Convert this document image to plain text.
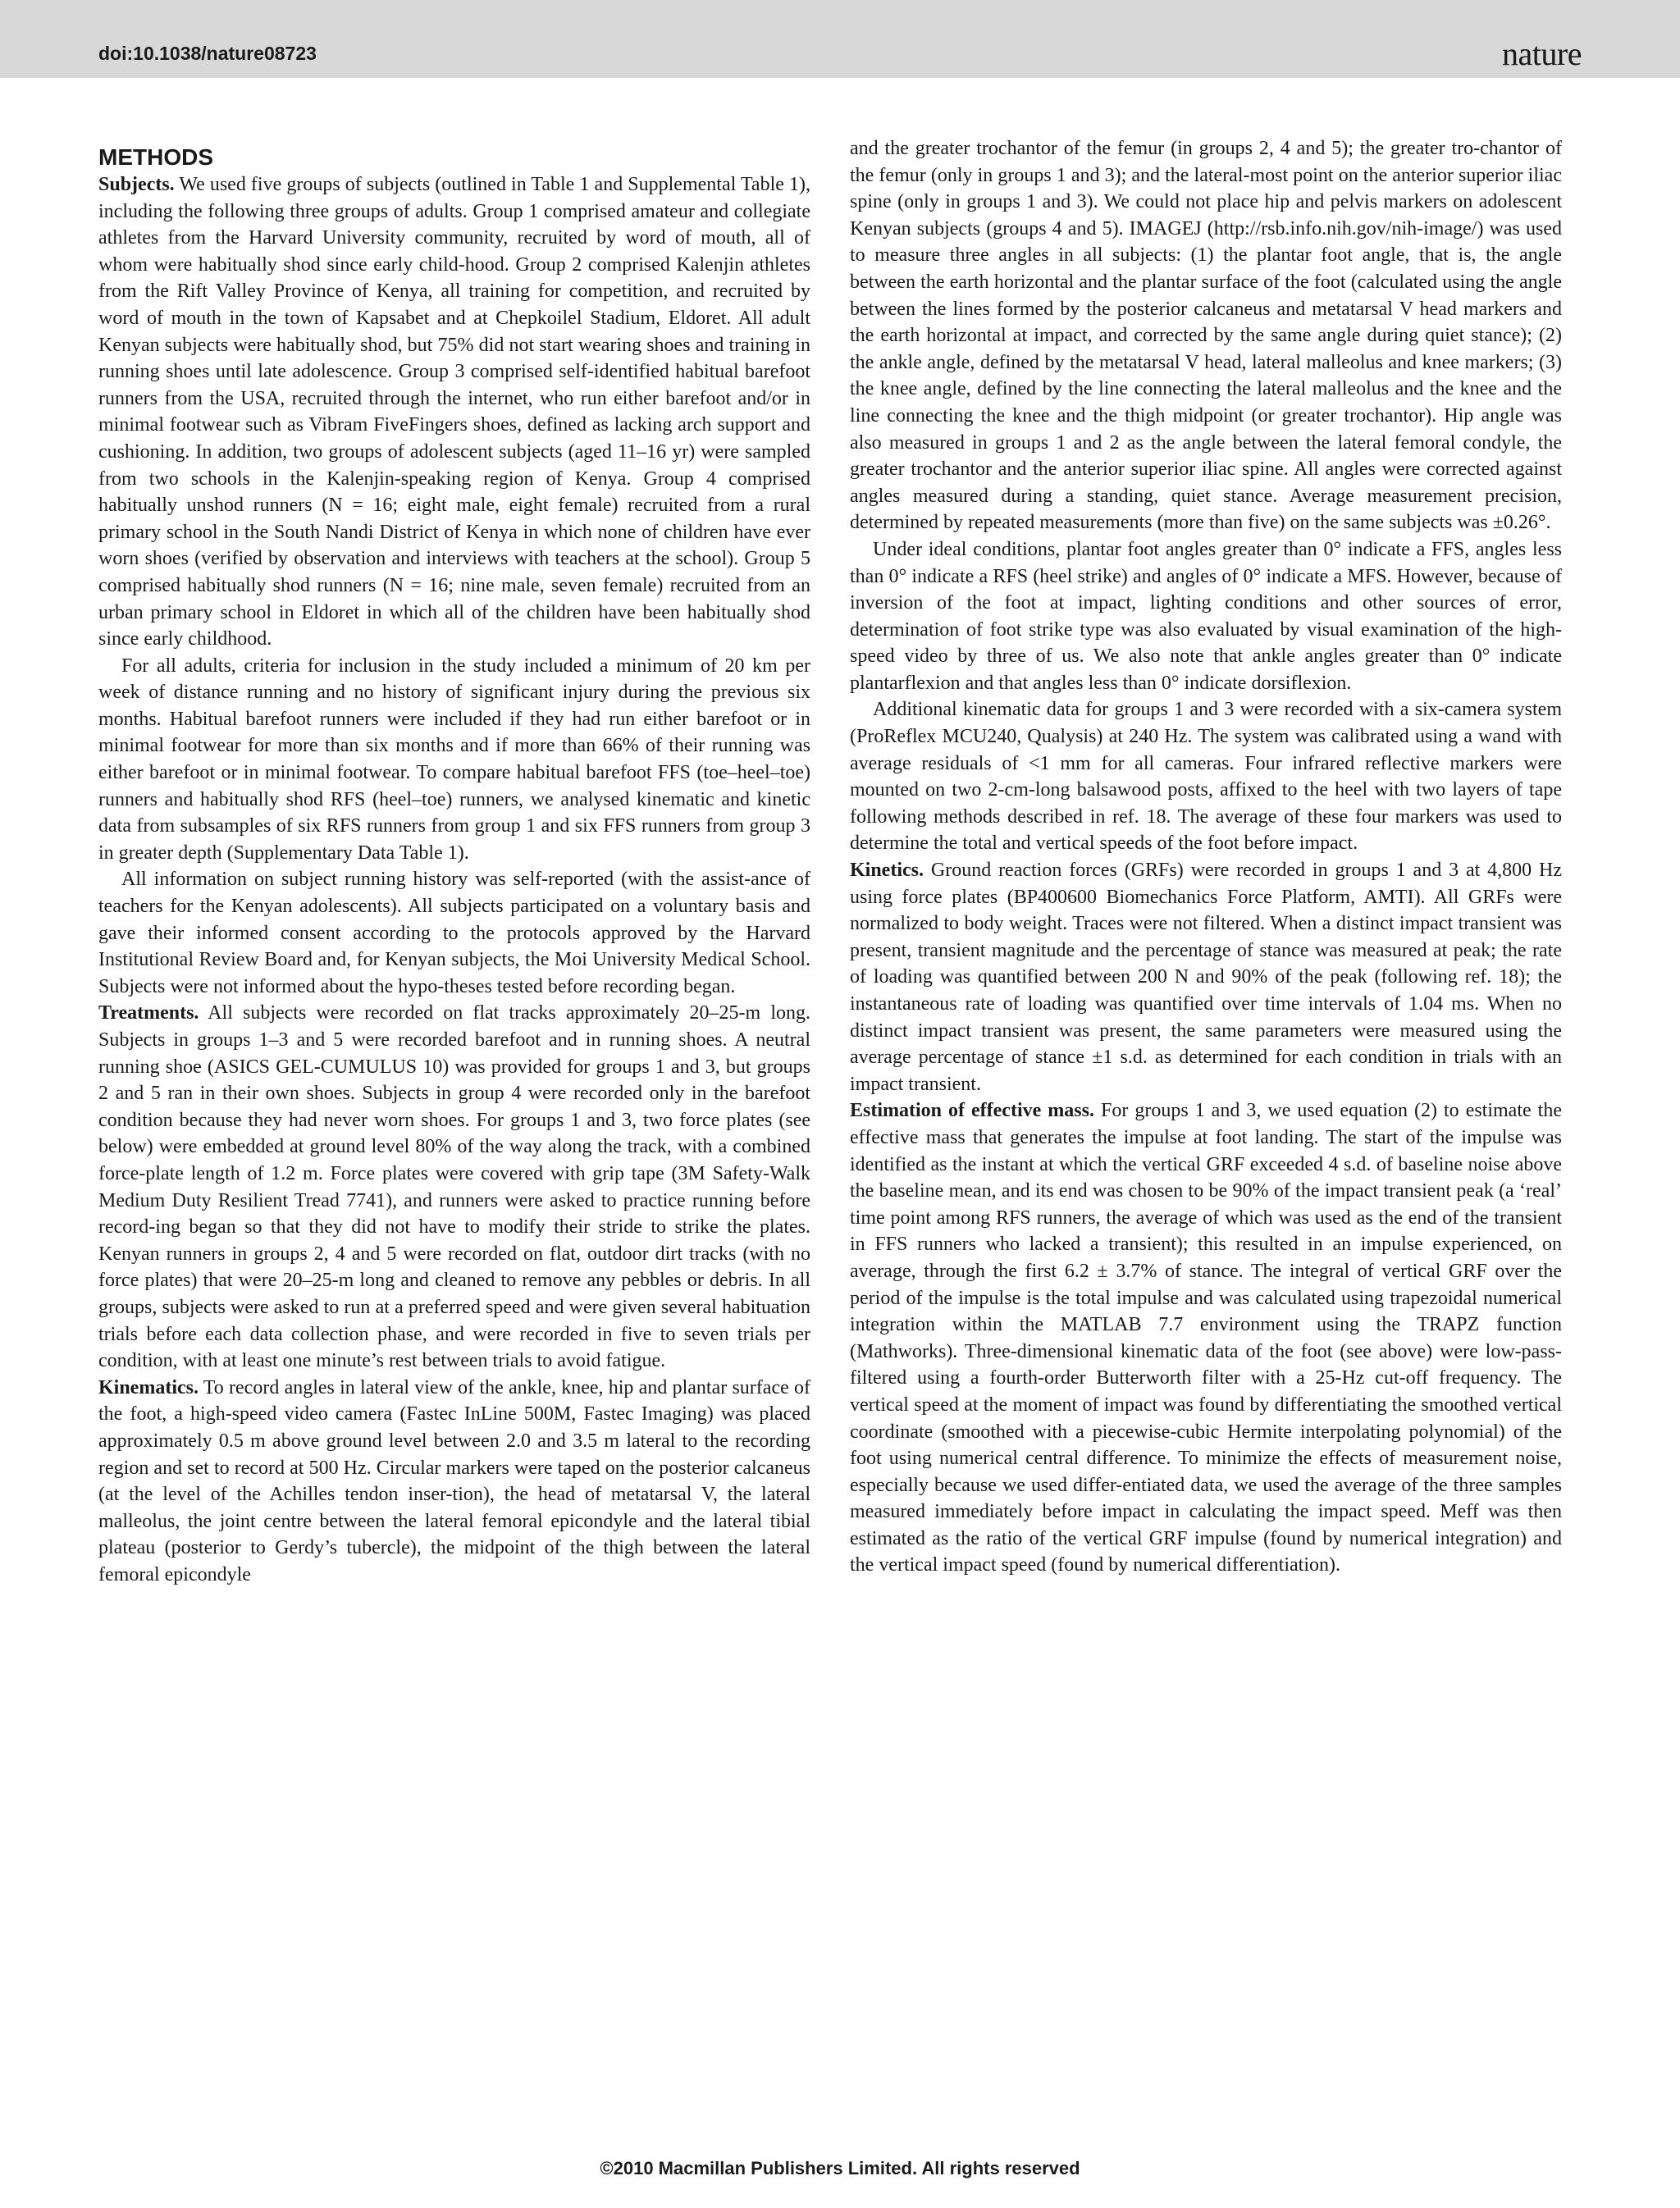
doi:10.1038/nature08723	nature
METHODS

Subjects. We used five groups of subjects (outlined in Table 1 and Supplemental Table 1), including the following three groups of adults. Group 1 comprised amateur and collegiate athletes from the Harvard University community, recruited by word of mouth, all of whom were habitually shod since early child-hood. Group 2 comprised Kalenjin athletes from the Rift Valley Province of Kenya, all training for competition, and recruited by word of mouth in the town of Kapsabet and at Chepkoilel Stadium, Eldoret. All adult Kenyan subjects were habitually shod, but 75% did not start wearing shoes and training in running shoes until late adolescence. Group 3 comprised self-identified habitual barefoot runners from the USA, recruited through the internet, who run either barefoot and/or in minimal footwear such as Vibram FiveFingers shoes, defined as lacking arch support and cushioning. In addition, two groups of adolescent subjects (aged 11–16 yr) were sampled from two schools in the Kalenjin-speaking region of Kenya. Group 4 comprised habitually unshod runners (N = 16; eight male, eight female) recruited from a rural primary school in the South Nandi District of Kenya in which none of children have ever worn shoes (verified by observation and interviews with teachers at the school). Group 5 comprised habitually shod runners (N = 16; nine male, seven female) recruited from an urban primary school in Eldoret in which all of the children have been habitually shod since early childhood.

For all adults, criteria for inclusion in the study included a minimum of 20 km per week of distance running and no history of significant injury during the previous six months. Habitual barefoot runners were included if they had run either barefoot or in minimal footwear for more than six months and if more than 66% of their running was either barefoot or in minimal footwear. To compare habitual barefoot FFS (toe–heel–toe) runners and habitually shod RFS (heel–toe) runners, we analysed kinematic and kinetic data from subsamples of six RFS runners from group 1 and six FFS runners from group 3 in greater depth (Supplementary Data Table 1).

All information on subject running history was self-reported (with the assist-ance of teachers for the Kenyan adolescents). All subjects participated on a voluntary basis and gave their informed consent according to the protocols approved by the Harvard Institutional Review Board and, for Kenyan subjects, the Moi University Medical School. Subjects were not informed about the hypo-theses tested before recording began.

Treatments. All subjects were recorded on flat tracks approximately 20–25-m long. Subjects in groups 1–3 and 5 were recorded barefoot and in running shoes. A neutral running shoe (ASICS GEL-CUMULUS 10) was provided for groups 1 and 3, but groups 2 and 5 ran in their own shoes. Subjects in group 4 were recorded only in the barefoot condition because they had never worn shoes. For groups 1 and 3, two force plates (see below) were embedded at ground level 80% of the way along the track, with a combined force-plate length of 1.2 m. Force plates were covered with grip tape (3M Safety-Walk Medium Duty Resilient Tread 7741), and runners were asked to practice running before record-ing began so that they did not have to modify their stride to strike the plates. Kenyan runners in groups 2, 4 and 5 were recorded on flat, outdoor dirt tracks (with no force plates) that were 20–25-m long and cleaned to remove any pebbles or debris. In all groups, subjects were asked to run at a preferred speed and were given several habituation trials before each data collection phase, and were recorded in five to seven trials per condition, with at least one minute’s rest between trials to avoid fatigue.

Kinematics. To record angles in lateral view of the ankle, knee, hip and plantar surface of the foot, a high-speed video camera (Fastec InLine 500M, Fastec Imaging) was placed approximately 0.5 m above ground level between 2.0 and 3.5 m lateral to the recording region and set to record at 500 Hz. Circular markers were taped on the posterior calcaneus (at the level of the Achilles tendon inser-tion), the head of metatarsal V, the lateral malleolus, the joint centre between the lateral femoral epicondyle and the lateral tibial plateau (posterior to Gerdy’s tubercle), the midpoint of the thigh between the lateral femoral epicondyle

and the greater trochantor of the femur (in groups 2, 4 and 5); the greater tro-chantor of the femur (only in groups 1 and 3); and the lateral-most point on the anterior superior iliac spine (only in groups 1 and 3). We could not place hip and pelvis markers on adolescent Kenyan subjects (groups 4 and 5). IMAGEJ (http://rsb.info.nih.gov/nih-image/) was used to measure three angles in all subjects: (1) the plantar foot angle, that is, the angle between the earth horizontal and the plantar surface of the foot (calculated using the angle between the lines formed by the posterior calcaneus and metatarsal V head markers and the earth horizontal at impact, and corrected by the same angle during quiet stance); (2) the ankle angle, defined by the metatarsal V head, lateral malleolus and knee markers; (3) the knee angle, defined by the line connecting the lateral malleolus and the knee and the line connecting the knee and the thigh midpoint (or greater trochantor). Hip angle was also measured in groups 1 and 2 as the angle between the lateral femoral condyle, the greater trochantor and the anterior superior iliac spine. All angles were corrected against angles measured during a standing, quiet stance. Average measurement precision, determined by repeated measurements (more than five) on the same subjects was ±0.26°.

Under ideal conditions, plantar foot angles greater than 0° indicate a FFS, angles less than 0° indicate a RFS (heel strike) and angles of 0° indicate a MFS. However, because of inversion of the foot at impact, lighting conditions and other sources of error, determination of foot strike type was also evaluated by visual examination of the high-speed video by three of us. We also note that ankle angles greater than 0° indicate plantarflexion and that angles less than 0° indicate dorsiflexion.

Additional kinematic data for groups 1 and 3 were recorded with a six-camera system (ProReflex MCU240, Qualysis) at 240 Hz. The system was calibrated using a wand with average residuals of <1 mm for all cameras. Four infrared reflective markers were mounted on two 2-cm-long balsawood posts, affixed to the heel with two layers of tape following methods described in ref. 18. The average of these four markers was used to determine the total and vertical speeds of the foot before impact.

Kinetics. Ground reaction forces (GRFs) were recorded in groups 1 and 3 at 4,800 Hz using force plates (BP400600 Biomechanics Force Platform, AMTI). All GRFs were normalized to body weight. Traces were not filtered. When a distinct impact transient was present, transient magnitude and the percentage of stance was measured at peak; the rate of loading was quantified between 200 N and 90% of the peak (following ref. 18); the instantaneous rate of loading was quantified over time intervals of 1.04 ms. When no distinct impact transient was present, the same parameters were measured using the average percentage of stance ±1 s.d. as determined for each condition in trials with an impact transient.

Estimation of effective mass. For groups 1 and 3, we used equation (2) to estimate the effective mass that generates the impulse at foot landing. The start of the impulse was identified as the instant at which the vertical GRF exceeded 4 s.d. of baseline noise above the baseline mean, and its end was chosen to be 90% of the impact transient peak (a ‘real’ time point among RFS runners, the average of which was used as the end of the transient in FFS runners who lacked a transient); this resulted in an impulse experienced, on average, through the first 6.2 ± 3.7% of stance. The integral of vertical GRF over the period of the impulse is the total impulse and was calculated using trapezoidal numerical integration within the MATLAB 7.7 environment using the TRAPZ function (Mathworks). Three-dimensional kinematic data of the foot (see above) were low-pass-filtered using a fourth-order Butterworth filter with a 25-Hz cut-off frequency. The vertical speed at the moment of impact was found by differentiating the smoothed vertical coordinate (smoothed with a piecewise-cubic Hermite interpolating polynomial) of the foot using numerical central difference. To minimize the effects of measurement noise, especially because we used differ-entiated data, we used the average of the three samples measured immediately before impact in calculating the impact speed. Meff was then estimated as the ratio of the vertical GRF impulse (found by numerical integration) and the vertical impact speed (found by numerical differentiation).

©2010 Macmillan Publishers Limited. All rights reserved
